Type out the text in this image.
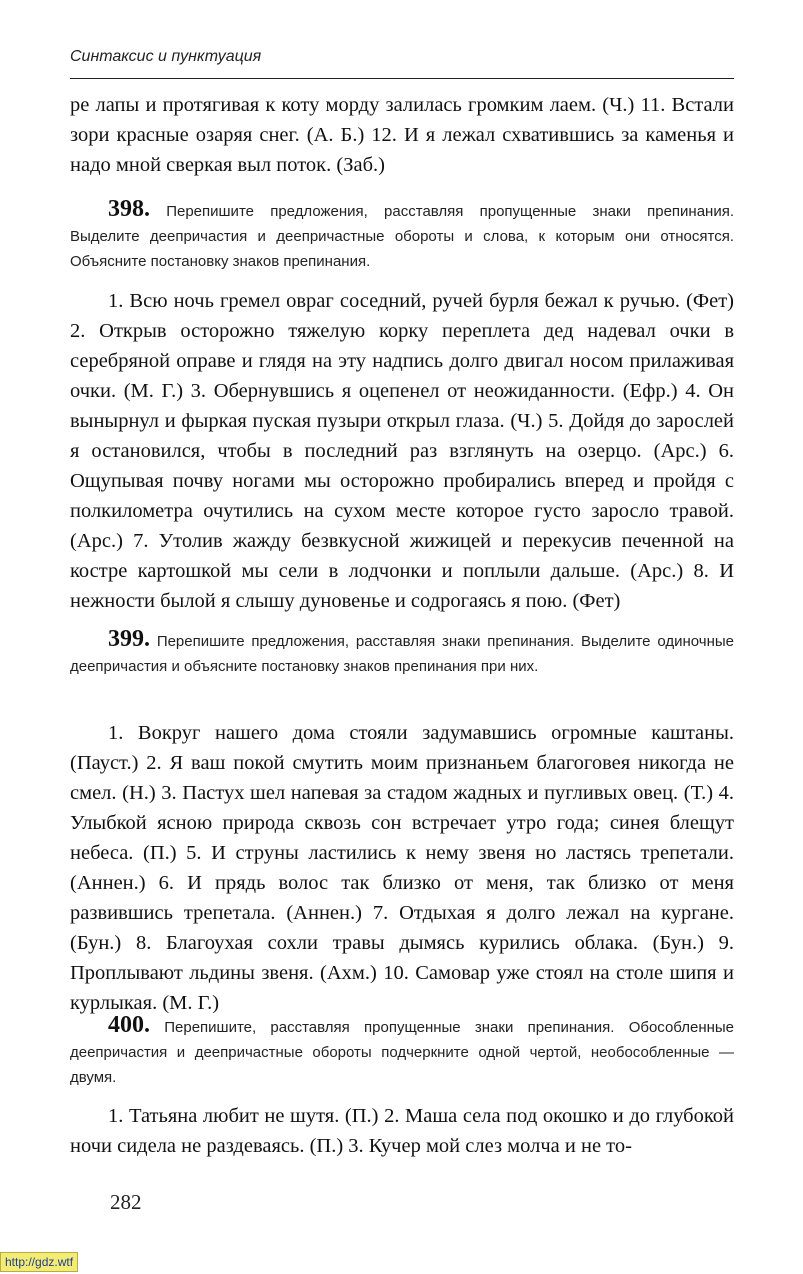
Синтаксис и пунктуация
ре лапы и протягивая к коту морду залилась громким лаем. (Ч.) 11. Встали зори красные озаряя снег. (А. Б.) 12. И я лежал схватившись за каменья и надо мной сверкая выл поток. (Заб.)
398. Перепишите предложения, расставляя пропущенные знаки препинания. Выделите деепричастия и деепричастные обороты и слова, к которым они относятся. Объясните постановку знаков препинания.
1. Всю ночь гремел овраг соседний, ручей бурля бежал к ручью. (Фет) 2. Открыв осторожно тяжелую корку переплета дед надевал очки в серебряной оправе и глядя на эту надпись долго двигал носом прилаживая очки. (М. Г.) 3. Обернувшись я оцепенел от неожиданности. (Ефр.) 4. Он вынырнул и фыркая пуская пузыри открыл глаза. (Ч.) 5. Дойдя до зарослей я остановился, чтобы в последний раз взглянуть на озерцо. (Арс.) 6. Ощупывая почву ногами мы осторожно пробирались вперед и пройдя с полкилометра очутились на сухом месте которое густо заросло травой. (Арс.) 7. Утолив жажду безвкусной жижицей и перекусив печенной на костре картошкой мы сели в лодчонки и поплыли дальше. (Арс.) 8. И нежности былой я слышу дуновенье и содрогаясь я пою. (Фет)
399. Перепишите предложения, расставляя знаки препинания. Выделите одиночные деепричастия и объясните постановку знаков препинания при них.
1. Вокруг нашего дома стояли задумавшись огромные каштаны. (Пауст.) 2. Я ваш покой смутить моим признаньем благоговея никогда не смел. (Н.) 3. Пастух шел напевая за стадом жадных и пугливых овец. (Т.) 4. Улыбкой ясною природа сквозь сон встречает утро года; синея блещут небеса. (П.) 5. И струны ластились к нему звеня но ластясь трепетали. (Аннен.) 6. И прядь волос так близко от меня, так близко от меня развившись трепетала. (Аннен.) 7. Отдыхая я долго лежал на кургане. (Бун.) 8. Благоухая сохли травы дымясь курились облака. (Бун.) 9. Проплывают льдины звеня. (Ахм.) 10. Самовар уже стоял на столе шипя и курлыкая. (М. Г.)
400. Перепишите, расставляя пропущенные знаки препинания. Обособленные деепричастия и деепричастные обороты подчеркните одной чертой, необособленные — двумя.
1. Татьяна любит не шутя. (П.) 2. Маша села под окошко и до глубокой ночи сидела не раздеваясь. (П.) 3. Кучер мой слез молча и не то-
282
http://gdz.wtf
